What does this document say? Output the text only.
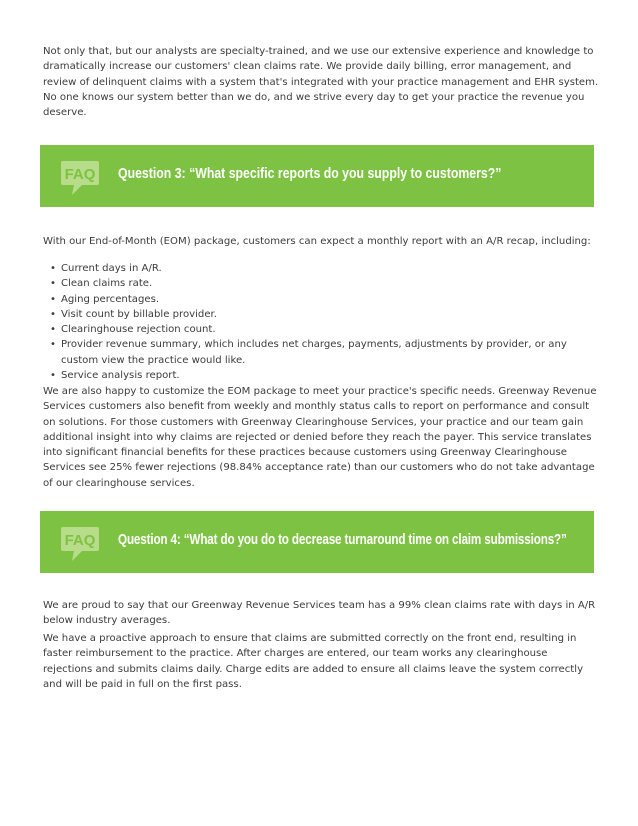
Not only that, but our analysts are specialty-trained, and we use our extensive experience and knowledge to dramatically increase our customers' clean claims rate. We provide daily billing, error management, and review of delinquent claims with a system that's integrated with your practice management and EHR system. No one knows our system better than we do, and we strive every day to get your practice the revenue you deserve.

FAQ Question 3: “What specific reports do you supply to customers?”

With our End-of-Month (EOM) package, customers can expect a monthly report with an A/R recap, including:

• Current days in A/R.
• Clean claims rate.
• Aging percentages.
• Visit count by billable provider.
• Clearinghouse rejection count.
• Provider revenue summary, which includes net charges, payments, adjustments by provider, or any custom view the practice would like.
• Service analysis report.

We are also happy to customize the EOM package to meet your practice's specific needs. Greenway Revenue Services customers also benefit from weekly and monthly status calls to report on performance and consult on solutions. For those customers with Greenway Clearinghouse Services, your practice and our team gain additional insight into why claims are rejected or denied before they reach the payer. This service translates into significant financial benefits for these practices because customers using Greenway Clearinghouse Services see 25% fewer rejections (98.84% acceptance rate) than our customers who do not take advantage of our clearinghouse services.

FAQ Question 4: “What do you do to decrease turnaround time on claim submissions?”

We are proud to say that our Greenway Revenue Services team has a 99% clean claims rate with days in A/R below industry averages.

We have a proactive approach to ensure that claims are submitted correctly on the front end, resulting in faster reimbursement to the practice. After charges are entered, our team works any clearinghouse rejections and submits claims daily. Charge edits are added to ensure all claims leave the system correctly and will be paid in full on the first pass.
